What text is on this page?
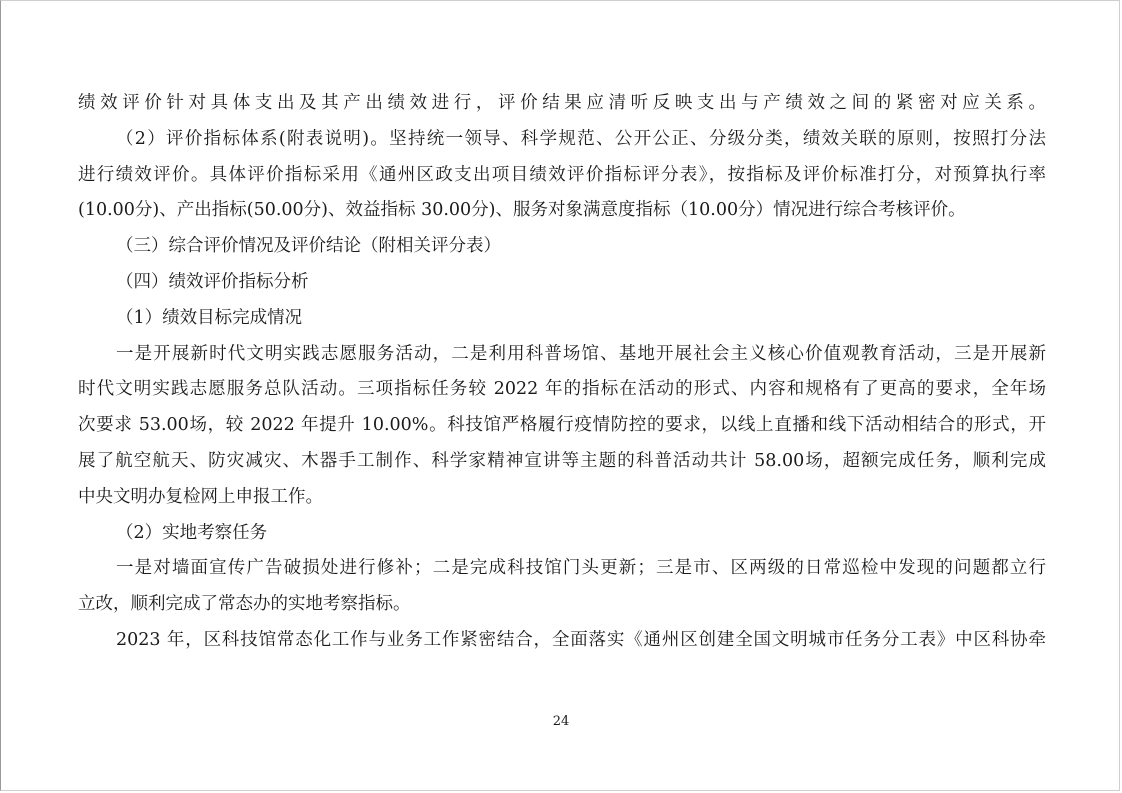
绩效评价针对具体支出及其产出绩效进行，评价结果应清听反映支出与产绩效之间的紧密对应关系。
（2）评价指标体系(附表说明)。坚持统一领导、科学规范、公开公正、分级分类，绩效关联的原则，按照打分法
进行绩效评价。具体评价指标采用《通州区政支出项目绩效评价指标评分表》，按指标及评价标准打分，对预算执行率
(10.00分)、产出指标(50.00分)、效益指标 30.00分)、服务对象满意度指标（10.00分）情况进行综合考核评价。
（三）综合评价情况及评价结论（附相关评分表）
（四）绩效评价指标分析
（1）绩效目标完成情况
一是开展新时代文明实践志愿服务活动，二是利用科普场馆、基地开展社会主义核心价值观教育活动，三是开展新
时代文明实践志愿服务总队活动。三项指标任务较 2022 年的指标在活动的形式、内容和规格有了更高的要求，全年场
次要求 53.00场，较 2022 年提升 10.00%。科技馆严格履行疫情防控的要求，以线上直播和线下活动相结合的形式，开
展了航空航天、防灾减灾、木器手工制作、科学家精神宣讲等主题的科普活动共计 58.00场，超额完成任务，顺利完成
中央文明办复检网上申报工作。
（2）实地考察任务
一是对墙面宣传广告破损处进行修补；二是完成科技馆门头更新；三是市、区两级的日常巡检中发现的问题都立行
立改，顺利完成了常态办的实地考察指标。
2023 年，区科技馆常态化工作与业务工作紧密结合，全面落实《通州区创建全国文明城市任务分工表》中区科协牵
24
